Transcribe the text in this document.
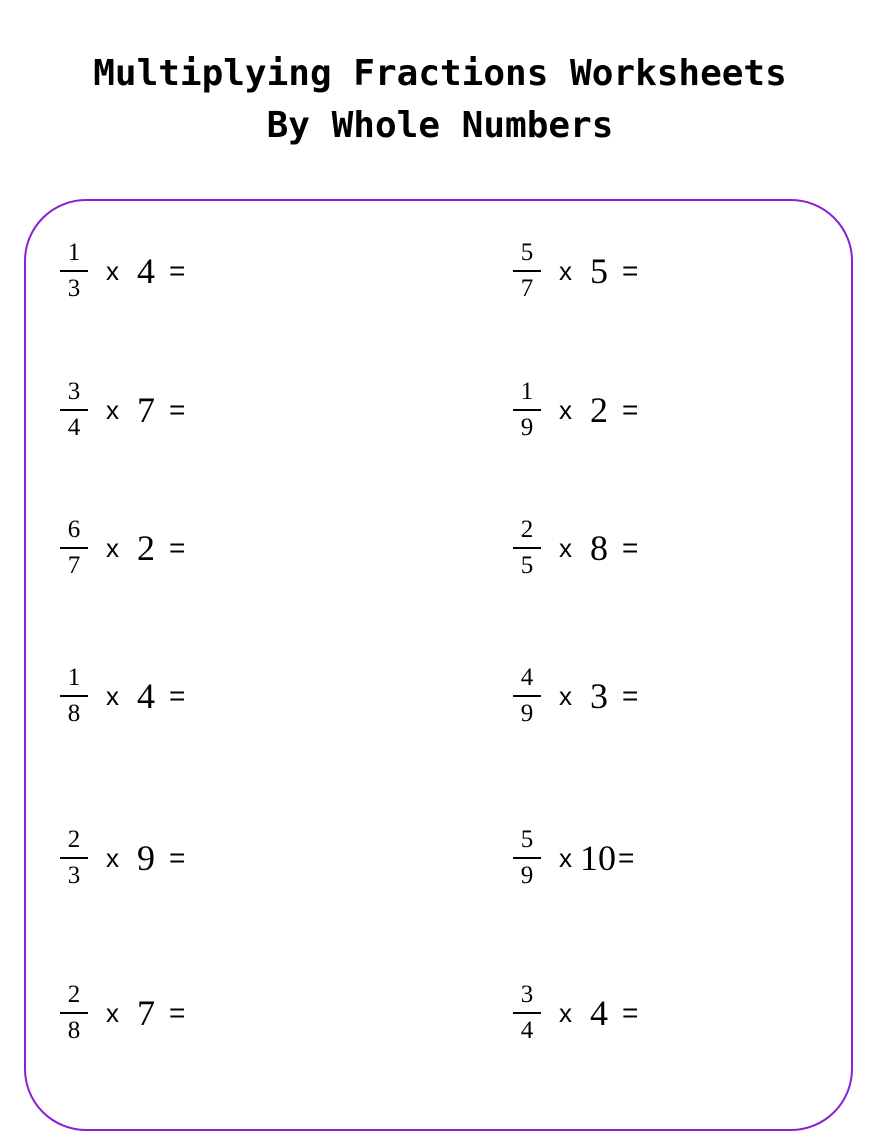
Multiplying Fractions Worksheets
By Whole Numbers
$\frac{1}{3}$ x 4 =	$\frac{5}{7}$ x 5 =
$\frac{3}{4}$ x 7 =	$\frac{1}{9}$ x 2 =
$\frac{6}{7}$ x 2 =	$\frac{2}{5}$ x 8 =
$\frac{1}{8}$ x 4 =	$\frac{4}{9}$ x 3 =
$\frac{2}{3}$ x 9 =	$\frac{5}{9}$ x 10 =
$\frac{2}{8}$ x 7 =	$\frac{3}{4}$ x 4 =
